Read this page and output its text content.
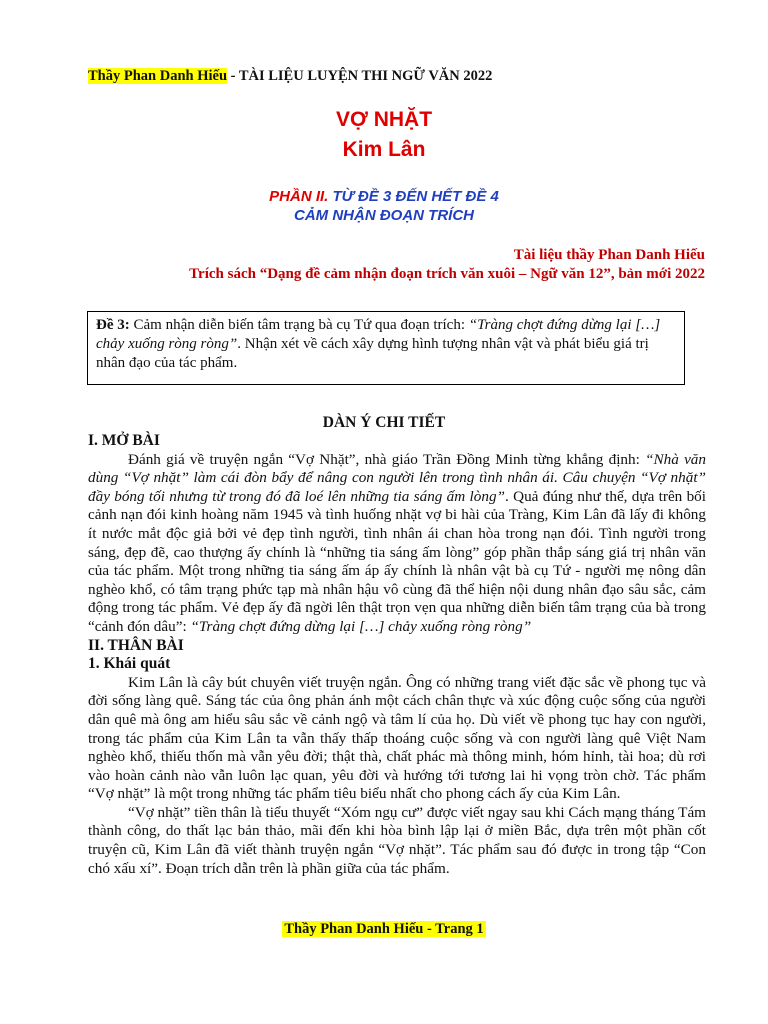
Thầy Phan Danh Hiếu - TÀI LIỆU LUYỆN THI NGỮ VĂN 2022
VỢ NHẶT
Kim Lân
PHẦN II. TỪ ĐỀ 3 ĐẾN HẾT ĐỀ 4
CẢM NHẬN ĐOẠN TRÍCH
Tài liệu thầy Phan Danh Hiếu
Trích sách “Dạng đề cảm nhận đoạn trích văn xuôi – Ngữ văn 12”, bản mới 2022
Đề 3: Cảm nhận diễn biến tâm trạng bà cụ Tứ qua đoạn trích: “Tràng chợt đứng dừng lại […] chảy xuống ròng ròng”. Nhận xét về cách xây dựng hình tượng nhân vật và phát biểu giá trị nhân đạo của tác phẩm.
DÀN Ý CHI TIẾT

I. MỞ BÀI

Đánh giá về truyện ngắn “Vợ Nhặt”, nhà giáo Trần Đồng Minh từng khẳng định: “Nhà văn dùng “Vợ nhặt” làm cái đòn bẩy để nâng con người lên trong tình nhân ái. Câu chuyện “Vợ nhặt” đầy bóng tối nhưng từ trong đó đã loé lên những tia sáng ấm lòng”. Quả đúng như thế, dựa trên bối cảnh nạn đói kinh hoàng năm 1945 và tình huống nhặt vợ bi hài của Tràng, Kim Lân đã lấy đi không ít nước mắt độc giả bởi vẻ đẹp tình người, tình nhân ái chan hòa trong nạn đói. Tình người trong sáng, đẹp đẽ, cao thượng ấy chính là “những tia sáng ấm lòng” góp phần thắp sáng giá trị nhân văn của tác phẩm. Một trong những tia sáng ấm áp ấy chính là nhân vật bà cụ Tứ - người mẹ nông dân nghèo khổ, có tâm trạng phức tạp mà nhân hậu vô cùng đã thể hiện nội dung nhân đạo sâu sắc, cảm động trong tác phẩm. Vẻ đẹp ấy đã ngời lên thật trọn vẹn qua những diễn biến tâm trạng của bà trong “cảnh đón dâu”: “Tràng chợt đứng dừng lại […] chảy xuống ròng ròng”

II. THÂN BÀI

1. Khái quát

Kim Lân là cây bút chuyên viết truyện ngắn. Ông có những trang viết đặc sắc về phong tục và đời sống làng quê. Sáng tác của ông phản ánh một cách chân thực và xúc động cuộc sống của người dân quê mà ông am hiểu sâu sắc về cảnh ngộ và tâm lí của họ. Dù viết về phong tục hay con người, trong tác phẩm của Kim Lân ta vẫn thấy thấp thoáng cuộc sống và con người làng quê Việt Nam nghèo khổ, thiếu thốn mà vẫn yêu đời; thật thà, chất phác mà thông minh, hóm hỉnh, tài hoa; dù rơi vào hoàn cảnh nào vẫn luôn lạc quan, yêu đời và hướng tới tương lai hi vọng tròn chờ. Tác phẩm “Vợ nhặt” là một trong những tác phẩm tiêu biểu nhất cho phong cách ấy của Kim Lân.

“Vợ nhặt” tiền thân là tiểu thuyết “Xóm ngụ cư” được viết ngay sau khi Cách mạng tháng Tám thành công, do thất lạc bản thảo, mãi đến khi hòa bình lập lại ở miền Bắc, dựa trên một phần cốt truyện cũ, Kim Lân đã viết thành truyện ngắn “Vợ nhặt”. Tác phẩm sau đó được in trong tập “Con chó xấu xí”. Đoạn trích dẫn trên là phần giữa của tác phẩm.

Thầy Phan Danh Hiếu - Trang 1
